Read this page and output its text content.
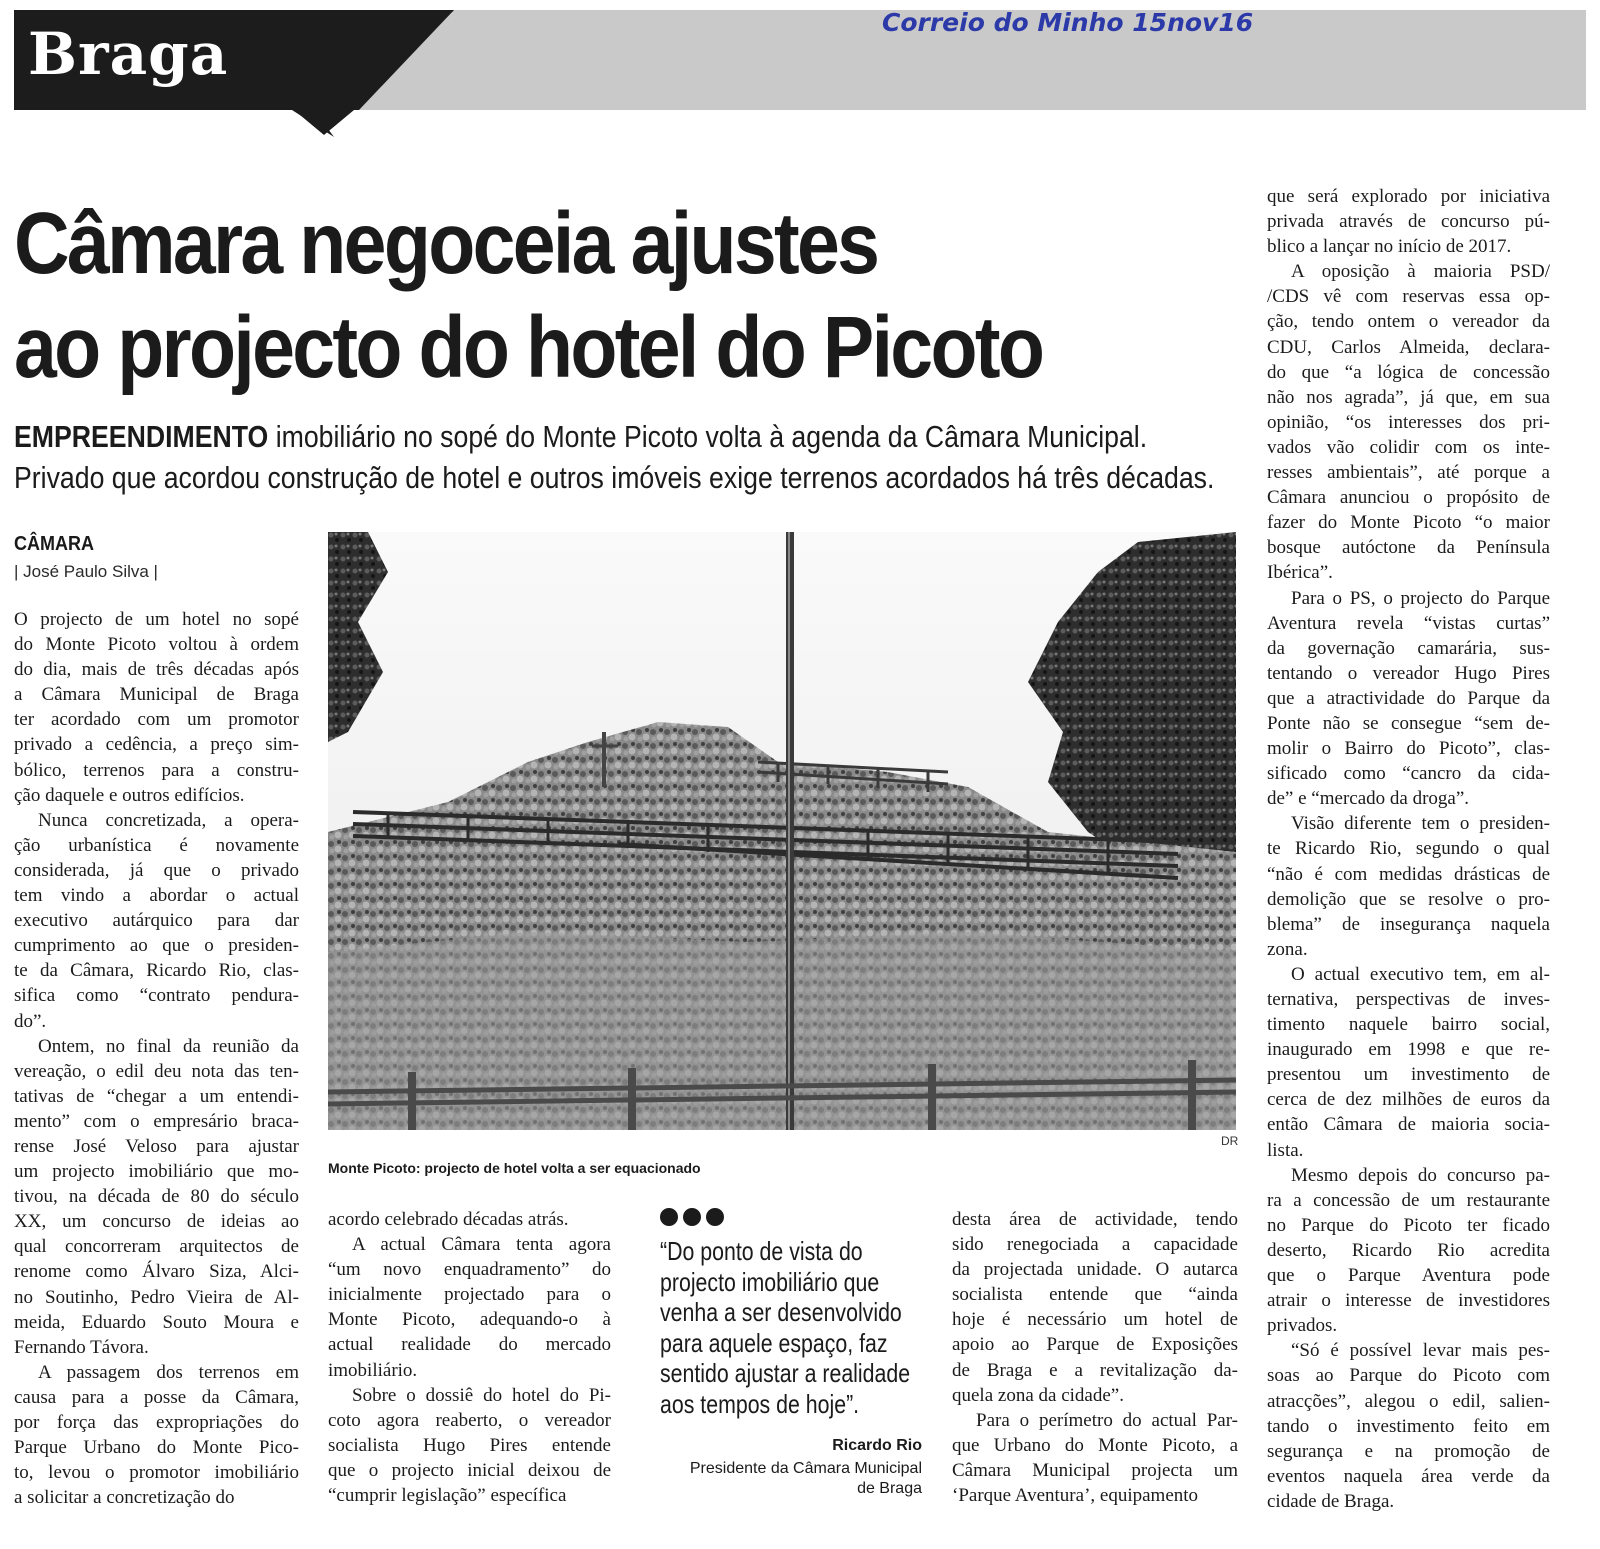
Braga	Correio do Minho 15nov16
Câmara negoceia ajustes
ao projecto do hotel do Picoto
EMPREENDIMENTO imobiliário no sopé do Monte Picoto volta à agenda da Câmara Municipal.
Privado que acordou construção de hotel e outros imóveis exige terrenos acordados há três décadas.
CÂMARA
| José Paulo Silva |

O projecto de um hotel no sopé
do Monte Picoto voltou à ordem
do dia, mais de três décadas após
a Câmara Municipal de Braga
ter acordado com um promotor
privado a cedência, a preço sim-
bólico, terrenos para a constru-
ção daquele e outros edifícios.

Nunca concretizada, a opera-
ção urbanística é novamente
considerada, já que o privado
tem vindo a abordar o actual
executivo autárquico para dar
cumprimento ao que o presiden-
te da Câmara, Ricardo Rio, clas-
sifica como “contrato pendura-
do”.

Ontem, no final da reunião da
vereação, o edil deu nota das ten-
tativas de “chegar a um entendi-
mento” com o empresário braca-
rense José Veloso para ajustar
um projecto imobiliário que mo-
tivou, na década de 80 do século
XX, um concurso de ideias ao
qual concorreram arquitectos de
renome como Álvaro Siza, Alci-
no Soutinho, Pedro Vieira de Al-
meida, Eduardo Souto Moura e
Fernando Távora.

A passagem dos terrenos em
causa para a posse da Câmara,
por força das expropriações do
Parque Urbano do Monte Pico-
to, levou o promotor imobiliário
a solicitar a concretização do

acordo celebrado décadas atrás.

A actual Câmara tenta agora
“um novo enquadramento” do
inicialmente projectado para o
Monte Picoto, adequando-o à
actual realidade do mercado
imobiliário.

Sobre o dossiê do hotel do Pi-
coto agora reaberto, o vereador
socialista Hugo Pires entende
que o projecto inicial deixou de
“cumprir legislação” específica

desta área de actividade, tendo
sido renegociada a capacidade
da projectada unidade. O autarca
socialista entende que “ainda
hoje é necessário um hotel de
apoio ao Parque de Exposições
de Braga e a revitalização da-
quela zona da cidade”.

Para o perímetro do actual Par-
que Urbano do Monte Picoto, a
Câmara Municipal projecta um
‘Parque Aventura’, equipamento

que será explorado por iniciativa
privada através de concurso pú-
blico a lançar no início de 2017.

A oposição à maioria PSD/
/CDS vê com reservas essa op-
ção, tendo ontem o vereador da
CDU, Carlos Almeida, declara-
do que “a lógica de concessão
não nos agrada”, já que, em sua
opinião, “os interesses dos pri-
vados vão colidir com os inte-
resses ambientais”, até porque a
Câmara anunciou o propósito de
fazer do Monte Picoto “o maior
bosque autóctone da Península
Ibérica”.

Para o PS, o projecto do Parque
Aventura revela “vistas curtas”
da governação camarária, sus-
tentando o vereador Hugo Pires
que a atractividade do Parque da
Ponte não se consegue “sem de-
molir o Bairro do Picoto”, clas-
sificado como “cancro da cida-
de” e “mercado da droga”.

Visão diferente tem o presiden-
te Ricardo Rio, segundo o qual
“não é com medidas drásticas de
demolição que se resolve o pro-
blema” de insegurança naquela
zona.

O actual executivo tem, em al-
ternativa, perspectivas de inves-
timento naquele bairro social,
inaugurado em 1998 e que re-
presentou um investimento de
cerca de dez milhões de euros da
então Câmara de maioria socia-
lista.

Mesmo depois do concurso pa-
ra a concessão de um restaurante
no Parque do Picoto ter ficado
deserto, Ricardo Rio acredita
que o Parque Aventura pode
atrair o interesse de investidores
privados.

“Só é possível levar mais pes-
soas ao Parque do Picoto com
atracções”, alegou o edil, salien-
tando o investimento feito em
segurança e na promoção de
eventos naquela área verde da
cidade de Braga.

DR
Monte Picoto: projecto de hotel volta a ser equacionado
“Do ponto de vista do
projecto imobiliário que
venha a ser desenvolvido
para aquele espaço, faz
sentido ajustar a realidade
aos tempos de hoje”.
Ricardo Rio
Presidente da Câmara Municipal
de Braga
